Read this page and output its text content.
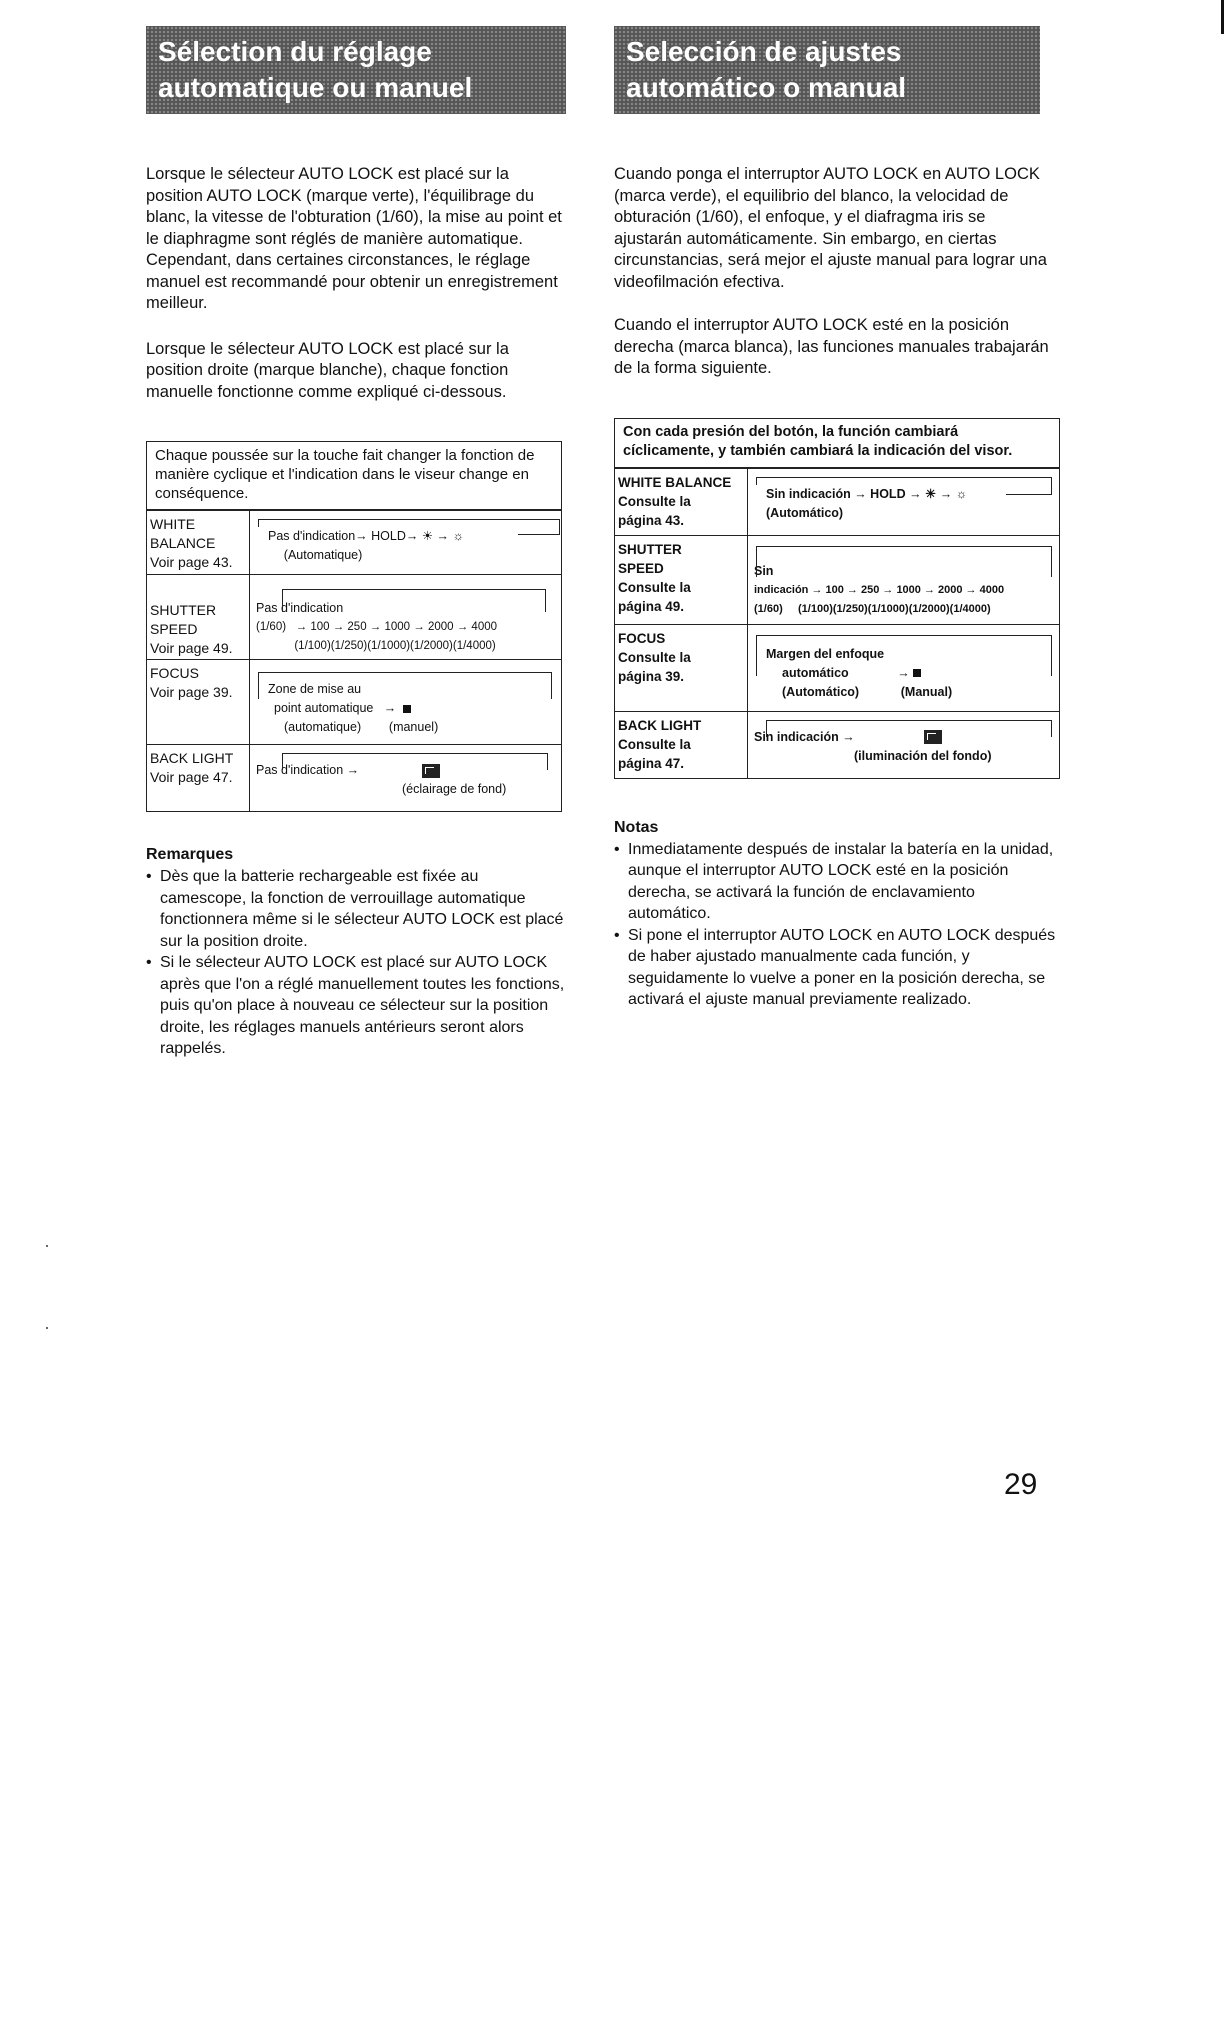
Sélection du réglage
automatique ou manuel

Lorsque le sélecteur AUTO LOCK est placé sur la position AUTO LOCK (marque verte), l'équilibrage du blanc, la vitesse de l'obturation (1/60), la mise au point et le diaphragme sont réglés de manière automatique. Cependant, dans certaines circonstances, le réglage manuel est recommandé pour obtenir un enregistrement meilleur.

Lorsque le sélecteur AUTO LOCK est placé sur la position droite (marque blanche), chaque fonction manuelle fonctionne comme expliqué ci-dessous.

Chaque poussée sur la touche fait changer la fonction de manière cyclique et l'indication dans le viseur change en conséquence.
WHITE
BALANCE
Voir page 43.
Pas d'indication→ HOLD→ ☀ → ☼
(Automatique)
SHUTTER
SPEED
Voir page 49.
Pas d'indication
(1/60)   → 100 → 250 → 1000 → 2000 → 4000
(1/100)(1/250)(1/1000)(1/2000)(1/4000)
FOCUS
Voir page 39.	Zone de mise au
point automatique   →
(automatique)        (manuel)
BACK LIGHT
Voir page 47.	Pas d'indication →
(éclairage de fond)
Remarques
• Dès que la batterie rechargeable est fixée au camescope, la fonction de verrouillage automatique fonctionnera même si le sélecteur AUTO LOCK est placé sur la position droite.
• Si le sélecteur AUTO LOCK est placé sur AUTO LOCK après que l'on a réglé manuellement toutes les fonctions, puis qu'on place à nouveau ce sélecteur sur la position droite, les réglages manuels antérieurs seront alors rappelés.
Selección de ajustes
automático o manual

Cuando ponga el interruptor AUTO LOCK en AUTO LOCK (marca verde), el equilibrio del blanco, la velocidad de obturación (1/60), el enfoque, y el diafragma iris se ajustarán automáticamente. Sin embargo, en ciertas circunstancias, será mejor el ajuste manual para lograr una videofilmación efectiva.

Cuando el interruptor AUTO LOCK esté en la posición derecha (marca blanca), las funciones manuales trabajarán de la forma siguiente.

Con cada presión del botón, la función cambiará cíclicamente, y también cambiará la indicación del visor.
WHITE BALANCE
Consulte la
página 43.
Sin indicación → HOLD → ☀ → ☼
(Automático)
SHUTTER
SPEED
Consulte la
página 49.
Sin
indicación → 100 → 250 → 1000 → 2000 → 4000
(1/60)     (1/100)(1/250)(1/1000)(1/2000)(1/4000)
FOCUS
Consulte la
página 39.
Margen del enfoque
automático              →
(Automático)            (Manual)
BACK LIGHT
Consulte la
página 47.
Sin indicación →
(iluminación del fondo)
Notas
• Inmediatamente después de instalar la batería en la unidad, aunque el interruptor AUTO LOCK esté en la posición derecha, se activará la función de enclavamiento automático.
• Si pone el interruptor AUTO LOCK en AUTO LOCK después de haber ajustado manualmente cada función, y seguidamente lo vuelve a poner en la posición derecha, se activará el ajuste manual previamente realizado.
29
